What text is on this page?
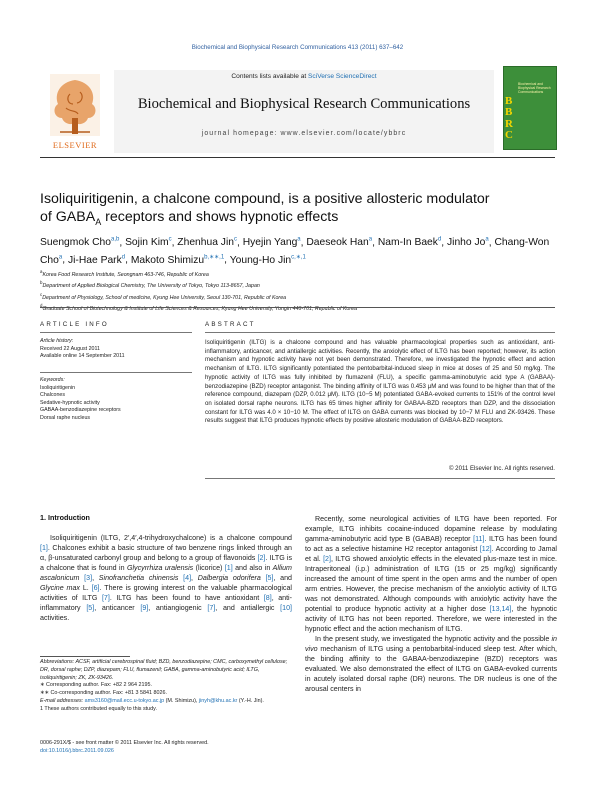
Biochemical and Biophysical Research Communications 413 (2011) 637–642
Contents lists available at SciVerse ScienceDirect
Biochemical and Biophysical Research Communications
journal homepage: www.elsevier.com/locate/ybbrc
ELSEVIER
Biochemical and Biophysical Research Communications
B
B
R
C
Isoliquiritigenin, a chalcone compound, is a positive allosteric modulator
of $GABA_A$ receptors and shows hypnotic effects
Suengmok Cho$^{a,b}$, Sojin Kim$^c$, Zhenhua Jin$^c$, Hyejin Yang$^a$, Daeseok Han$^a$, Nam-In Baek$^d$, Jinho Jo$^a$, Chang-Won Cho$^a$, Ji-Hae Park$^d$, Makoto Shimizu$^{b,∗∗,1}$, Young-Ho Jin$^{c,∗,1}$
$^a$Korea Food Research Institute, Seongnam 463-746, Republic of Korea
$^b$Department of Applied Biological Chemistry, The University of Tokyo, Tokyo 113-8657, Japan
$^c$Department of Physiology, School of medicine, Kyung Hee University, Seoul 130-701, Republic of Korea
$^d$Graduate School of Biotechnology & Institute of Life Sciences & Resources, Kyung Hee University, Yongin 446-701, Republic of Korea
ARTICLE INFO	ABSTRACT
Article history:
Received 22 August 2011
Available online 14 September 2011
Keywords:
Isoliquiritigenin
Chalcones
Sedative-hypnotic activity
GABAA-benzodiazepine receptors
Dorsal raphe nucleus
Isoliquiritigenin (ILTG) is a chalcone compound and has valuable pharmacological properties such as antioxidant, anti-inflammatory, anticancer, and antiallergic activities. Recently, the anxiolytic effect of ILTG has been reported; however, its action mechanism and hypnotic activity have not yet been demonstrated. Therefore, we investigated the hypnotic effect and action mechanism of ILTG. ILTG significantly potentiated the pentobarbital-induced sleep in mice at doses of 25 and 50 mg/kg. The hypnotic activity of ILTG was fully inhibited by flumazenil (FLU), a specific gamma-aminobutyric acid type A (GABAA)-benzodiazepine (BZD) receptor antagonist. The binding affinity of ILTG was 0.453 μM and was found to be higher than that of the reference compound, diazepam (DZP, 0.012 μM). ILTG (10−5 M) potentiated GABA-evoked currents to 151% of the control level on isolated dorsal raphe neurons. ILTG has 65 times higher affinity for GABAA-BZD receptors than DZP, and the dissociation constant for ILTG was 4.0 × 10−10 M. The effect of ILTG on GABA currents was blocked by 10−7 M FLU and ZK-93426. These results suggest that ILTG produces hypnotic effects by positive allosteric modulation of GABAA-BZD receptors.
© 2011 Elsevier Inc. All rights reserved.
1. Introduction
Isoliquiritigenin (ILTG, 2′,4′,4-trihydroxychalcone) is a chalcone compound [1]. Chalcones exhibit a basic structure of two benzene rings linked through an α, β-unsaturated carbonyl group and belong to a group of flavonoids [2]. ILTG is a chalcone that is found in Glycyrrhiza uralensis (licorice) [1] and also in Allium ascalonicum [3], Sinofranchetia chinensis [4], Dalbergia odorifera [5], and Glycine max L. [6]. There is growing interest on the valuable pharmacological activities of ILTG [7]. ILTG has been found to have antioxidant [8], anti-inflammatory [5], anticancer [9], antiangiogenic [7], and antiallergic [10] activities.

Recently, some neurological activities of ILTG have been reported. For example, ILTG inhibits cocaine-induced dopamine release by modulating gamma-aminobutyric acid type B (GABAB) receptor [11]. ILTG has been found to act as a selective histamine H2 receptor antagonist [12]. According to Jamal et al. [2], ILTG showed anxiolytic effects in the elevated plus-maze test in mice. Intraperitoneal (i.p.) administration of ILTG (15 or 25 mg/kg) significantly increased the amount of time spent in the open arms and the number of open arm entries. However, the precise mechanism of the anxiolytic activity of ILTG was not demonstrated. Although compounds with anxiolytic activity have the potential to produce hypnotic activity at a higher dose [13,14], the hypnotic activity of ILTG has not been reported. Therefore, we were interested in the hypnotic effect and the action mechanism of ILTG.

In the present study, we investigated the hypnotic activity and the possible in vivo mechanism of ILTG using a pentobarbital-induced sleep test. After which, the binding affinity to the GABAA-benzodiazepine (BZD) receptors was evaluated. We also demonstrated the effect of ILTG on GABA-evoked currents in acutely isolated dorsal raphe (DR) neurons. The DR nucleus is one of the arousal centers in

Abbreviations: ACSF, artificial cerebrospinal fluid; BZD, benzodiazepine; CMC, carboxymethyl cellulose; DR, dorsal raphe; DZP, diazepam; FLU, flumazenil; GABA, gamma-aminobutyric acid; ILTG, isoliquiritigenin; ZK, ZK-93426.
∗ Corresponding author. Fax: +82 2 964 2195.
∗∗ Co-corresponding author. Fax: +81 3 5841 8026.
E-mail addresses: ams3160@mail.ecc.u-tokyo.ac.jp (M. Shimizu), jinyh@khu.ac.kr (Y.-H. Jin).
1 These authors contributed equally to this study.
0006-291X/$ - see front matter © 2011 Elsevier Inc. All rights reserved.
doi:10.1016/j.bbrc.2011.09.026
